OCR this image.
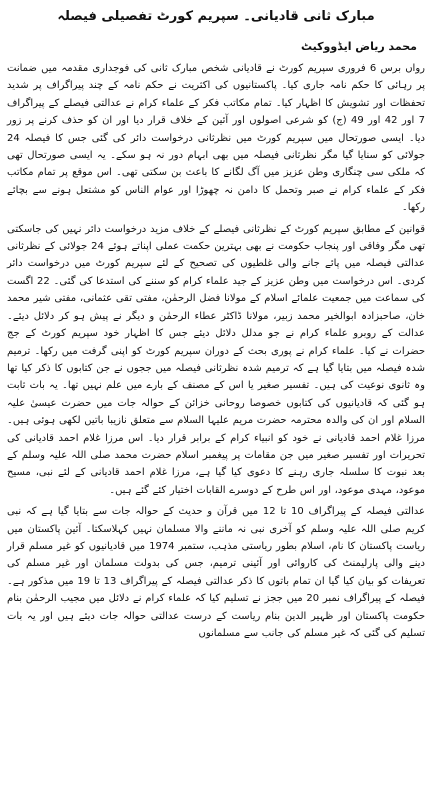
مبارک ثانی قادیانی۔ سپریم کورٹ تفصیلی فیصلہ
محمد ریاض ایڈووکیٹ

رواں برس 6 فروری سپریم کورٹ نے قادیانی شخص مبارک ثانی کی فوجداری مقدمہ میں ضمانت پر رہائی کا حکم نامہ جاری کیا۔ پاکستانیوں کی اکثریت نے حکم نامہ کے چند پیراگراف پر شدید تحفظات اور تشویش کا اظہار کیا۔ تمام مکاتب فکر کے علماء کرام نے عدالتی فیصلے کے پیراگراف 7 اور 42 اور 49 (ج) کو شرعی اصولوں اور آئین کے خلاف قرار دیا اور ان کو حذف کرنے پر زور دیا۔ ایسی صورتحال میں سپریم کورٹ میں نظرثانی درخواست دائر کی گئی جس کا فیصلہ 24 جولائی کو سنایا گیا مگر نظرثانی فیصلہ میں بھی ابہام دور نہ ہو سکے۔ یہ ایسی صورتحال تھی کہ ملکی سی چنگاری وطن عزیز میں آگ لگانے کا باعث بن سکتی تھی۔ اس موقع پر تمام مکاتب فکر کے علماء کرام نے صبر وتحمل کا دامن نہ چھوڑا اور عوام الناس کو مشتعل ہونے سے بچائے رکھا۔

قوانین کے مطابق سپریم کورٹ کے نظرثانی فیصلے کے خلاف مزید درخواست دائر نہیں کی جاسکتی تھی مگر وفاقی اور پنجاب حکومت نے بھی بہترین حکمت عملی اپناتے ہوئے 24 جولائی کے نظرثانی عدالتی فیصلہ میں پائے جانے والی غلطیوں کی تصحیح کے لئے سپریم کورٹ میں درخواست دائر کردی۔ اس درخواست میں وطن عزیز کے جید علماء کرام کو سننے کی استدعا کی گئی۔ 22 اگست کی سماعت میں جمعیت علمائے اسلام کے مولانا فضل الرحمٰن، مفتی تقی عثمانی، مفتی شیر محمد خان، صاحبزادہ ابوالخیر محمد زبیر، مولانا ڈاکٹر عطاء الرحمٰن و دیگر نے پیش ہو کر دلائل دیئے۔ عدالت کے روبرو علماء کرام نے جو مدلل دلائل دیئے جس کا اظہار خود سپریم کورٹ کے جج حضرات نے کیا۔ علماء کرام نے پوری بحث کے دوران سپریم کورٹ کو اپنی گرفت میں رکھا۔ ترمیم شدہ فیصلہ میں بتایا گیا ہے کہ ترمیم شدہ نظرثانی فیصلہ میں ججوں نے جن کتابوں کا ذکر کیا تھا وہ ثانوی نوعیت کی ہیں۔ تفسیر صغیر یا اس کے مصنف کے بارے میں علم نہیں تھا۔ یہ بات ثابت ہو گئی کہ قادیانیوں کی کتابوں خصوصا روحانی خزائن کے حوالہ جات میں حضرت عیسیٰ علیہ السلام اور ان کی والدہ محترمہ حضرت مریم علیہا السلام سے متعلق نازیبا باتیں لکھی ہوئی ہیں۔ مرزا غلام احمد قادیانی نے خود کو انبیاء کرام کے برابر قرار دیا۔ اس مرزا غلام احمد قادیانی کی تحریرات اور تفسیر صغیر میں جن مقامات پر پیغمبر اسلام حضرت محمد صلی اللہ علیہ وسلم کے بعد نبوت کا سلسلہ جاری رہنے کا دعوی کیا گیا ہے، مرزا غلام احمد قادیانی کے لئے نبی، مسیح موعود، مہدی موعود، اور اس طرح کے دوسرے القابات اختیار کئے گئے ہیں۔

عدالتی فیصلہ کے پیراگراف 10 تا 12 میں قرآن و حدیث کے حوالہ جات سے بتایا گیا ہے کہ نبی کریم صلی اللہ علیہ وسلم کو آخری نبی نہ ماننے والا مسلمان نہیں کہلاسکتا۔ آئین پاکستان میں ریاست پاکستان کا نام، اسلام بطور ریاستی مذہب، ستمبر 1974 میں قادیانیوں کو غیر مسلم قرار دینے والی پارلیمنٹ کی کاروائی اور آئینی ترمیم، جس کی بدولت مسلمان اور غیر مسلم کی تعریفات کو بیان کیا گیا ان تمام باتوں کا ذکر عدالتی فیصلہ کے پیراگراف 13 تا 19 میں مذکور ہے۔ فیصلہ کے پیراگراف نمبر 20 میں ججز نے تسلیم کیا کہ علماء کرام نے دلائل میں مجیب الرحمٰن بنام حکومت پاکستان اور ظہیر الدین بنام ریاست کے درست عدالتی حوالہ جات دیئے ہیں اور یہ بات تسلیم کی گئی کہ غیر مسلم کی جانب سے مسلمانوں
